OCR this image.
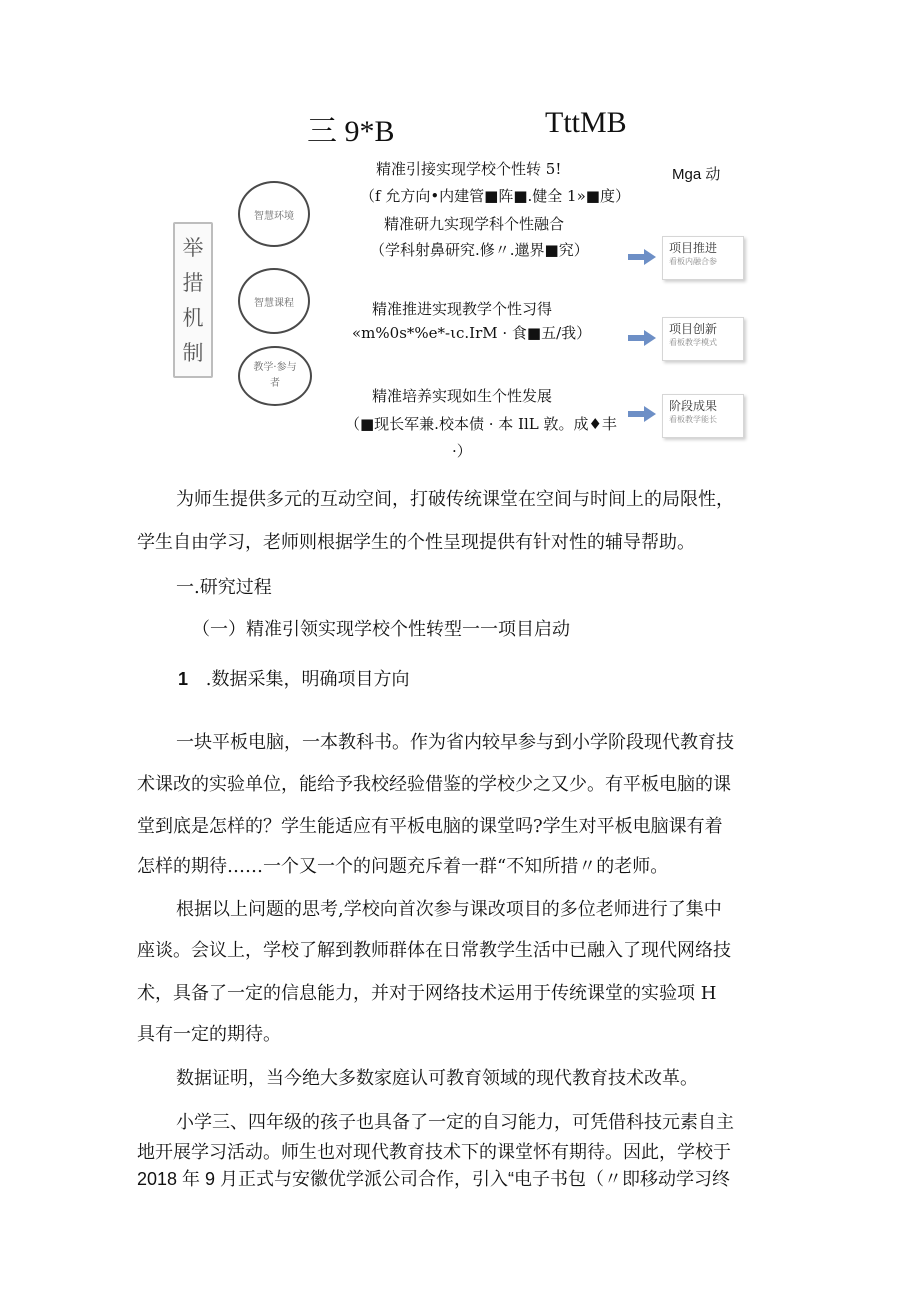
三 9*B	TttMB
Mga 动
举
措
机
制
智慧环境
智慧课程
教学·参与者
精准引接实现学校个性转 5!
（f 允方向•内建管■阵■.健全 1»■度）
精准研九实现学科个性融合
（学科射鼻研究.修〃.邋界■究）
精准推进实现教学个性习得
«m%0s*%e*-ιc.IrM · 食■五/我）
精准培养实现如生个性发展
（■现长军兼.校本债 · 本 IlL 敦。成♦丰
·）
项目推进
看板内融合参
项目创新
看板教学模式
阶段成果
看板教学能长
为师生提供多元的互动空间，打破传统课堂在空间与时间上的局限性，
学生自由学习，老师则根据学生的个性呈现提供有针对性的辅导帮助。
一.研究过程
（一）精准引领实现学校个性转型一一项目启动
1 .数据采集，明确项目方向
一块平板电脑，一本教科书。作为省内较早参与到小学阶段现代教育技
术课改的实验单位，能给予我校经验借鉴的学校少之又少。有平板电脑的课
堂到底是怎样的？学生能适应有平板电脑的课堂吗?学生对平板电脑课有着
怎样的期待……一个又一个的问题充斥着一群“不知所措〃的老师。
根据以上问题的思考,学校向首次参与课改项目的多位老师进行了集中
座谈。会议上，学校了解到教师群体在日常教学生活中已融入了现代网络技
术，具备了一定的信息能力，并对于网络技术运用于传统课堂的实验项 H
具有一定的期待。
数据证明，当今绝大多数家庭认可教育领域的现代教育技术改革。
小学三、四年级的孩子也具备了一定的自习能力，可凭借科技元素自主
地开展学习活动。师生也对现代教育技术下的课堂怀有期待。因此，学校于
2018 年 9 月正式与安徽优学派公司合作，引入“电子书包（〃即移动学习终
